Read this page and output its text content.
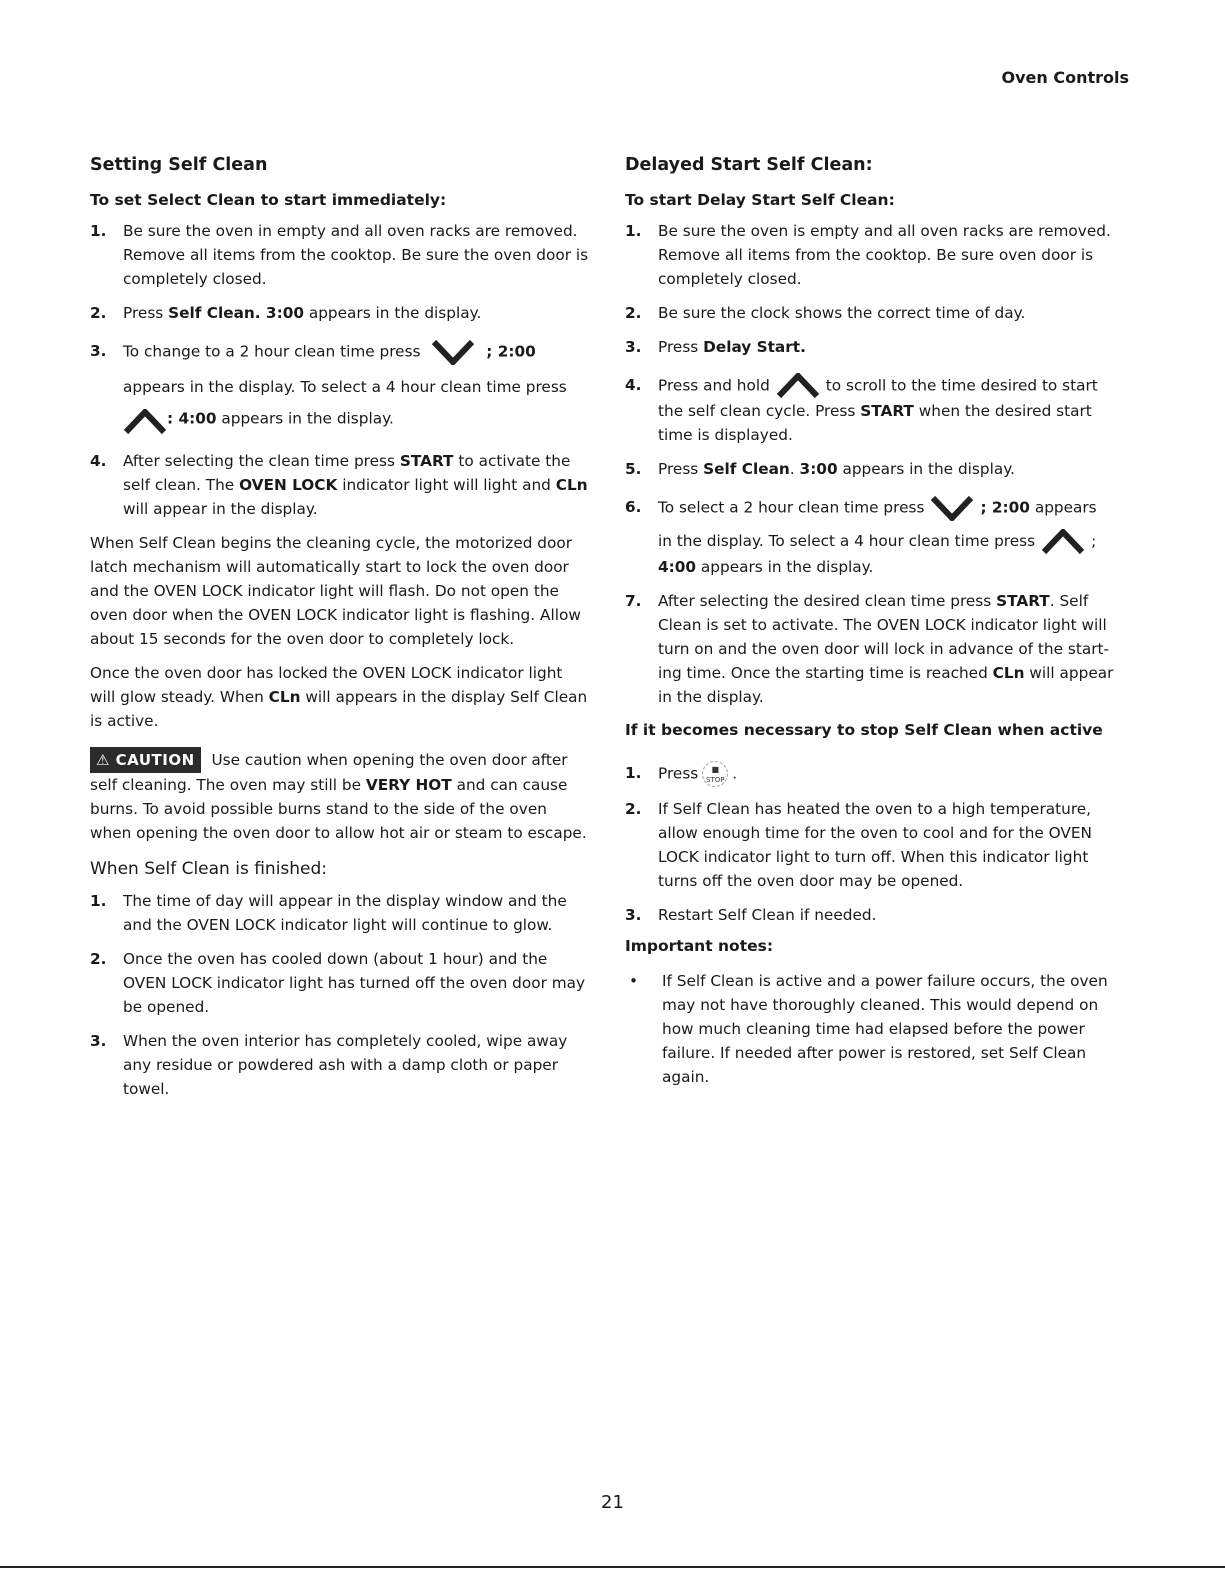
Oven Controls
Setting Self Clean
To set Select Clean to start immediately:
1.	Be sure the oven in empty and all oven racks are removed. Remove all items from the cooktop. Be sure the oven door is completely closed.
2.	Press Self Clean. 3:00 appears in the display.
3.	To change to a 2 hour clean time press	; 2:00
appears in the display. To select a 4 hour clean time press
: 4:00 appears in the display.
4.	After selecting the clean time press START to activate the self clean. The OVEN LOCK indicator light will light and CLn will appear in the display.

When Self Clean begins the cleaning cycle, the motorized door latch mechanism will automatically start to lock the oven door and the OVEN LOCK indicator light will flash. Do not open the oven door when the OVEN LOCK indicator light is flashing. Allow about 15 seconds for the oven door to completely lock.

Once the oven door has locked the OVEN LOCK indicator light will glow steady. When CLn will appears in the display Self Clean is active.

⚠ CAUTION Use caution when opening the oven door after self cleaning. The oven may still be VERY HOT and can cause burns. To avoid possible burns stand to the side of the oven when opening the oven door to allow hot air or steam to escape.

When Self Clean is finished:
1.	The time of day will appear in the display window and the and the OVEN LOCK indicator light will continue to glow.
2.	Once the oven has cooled down (about 1 hour) and the OVEN LOCK indicator light has turned off the oven door may be opened.
3.	When the oven interior has completely cooled, wipe away any residue or powdered ash with a damp cloth or paper towel.
Delayed Start Self Clean:
To start Delay Start Self Clean:
1.	Be sure the oven is empty and all oven racks are removed. Remove all items from the cooktop. Be sure oven door is completely closed.
2.	Be sure the clock shows the correct time of day.
3.	Press Delay Start.
4.	Press and hold	to scroll to the time desired to start the self clean cycle. Press START when the desired start time is displayed.
5.	Press Self Clean. 3:00 appears in the display.
6.	To select a 2 hour clean time press	; 2:00 appears
in the display. To select a 4 hour clean time press	;
4:00 appears in the display.
7.	After selecting the desired clean time press START. Self Clean is set to activate. The OVEN LOCK indicator light will turn on and the oven door will lock in advance of the starting time. Once the starting time is reached CLn will appear in the display.
If it becomes necessary to stop Self Clean when active
1.	Press	■
STOP .
2.	If Self Clean has heated the oven to a high temperature, allow enough time for the oven to cool and for the OVEN LOCK indicator light to turn off. When this indicator light turns off the oven door may be opened.
3.	Restart Self Clean if needed.
Important notes:
•	If Self Clean is active and a power failure occurs, the oven may not have thoroughly cleaned. This would depend on how much cleaning time had elapsed before the power failure. If needed after power is restored, set Self Clean again.
21
